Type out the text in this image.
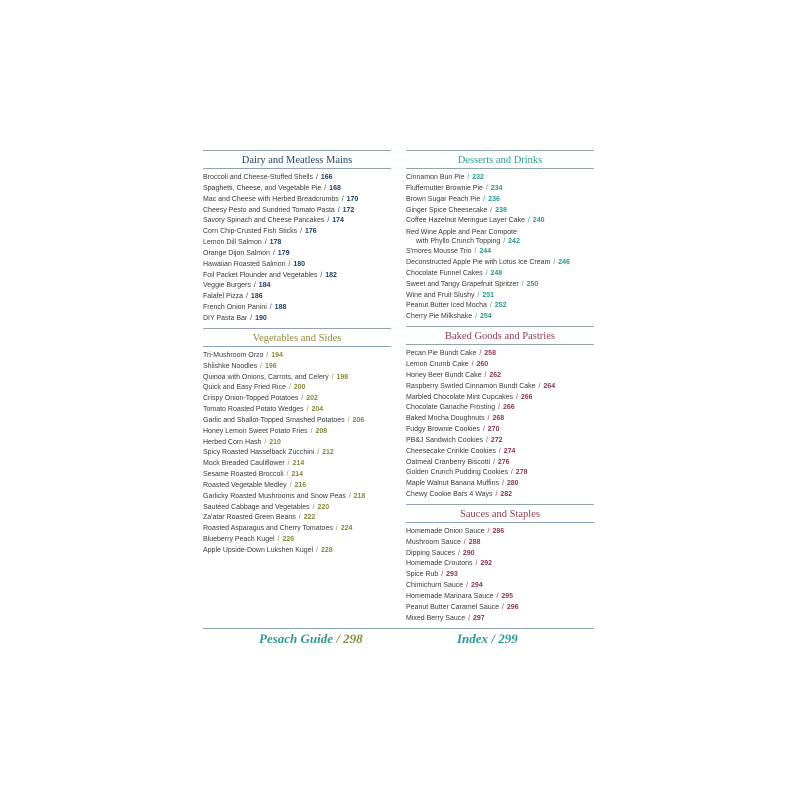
Dairy and Meatless Mains
Broccoli and Cheese-Stuffed Shells / 166
Spaghetti, Cheese, and Vegetable Pie / 168
Mac and Cheese with Herbed Breadcrumbs / 170
Cheesy Pesto and Sundried Tomato Pasta / 172
Savory Spinach and Cheese Pancakes / 174
Corn Chip-Crusted Fish Sticks / 176
Lemon Dill Salmon / 178
Orange Dijon Salmon / 179
Hawaiian Roasted Salmon / 180
Foil Packet Flounder and Vegetables / 182
Veggie Burgers / 184
Falafel Pizza / 186
French Onion Panini / 188
DIY Pasta Bar / 190
Vegetables and Sides
Tri-Mushroom Orzo / 194
Shlishke Noodles / 196
Quinoa with Onions, Carrots, and Celery / 198
Quick and Easy Fried Rice / 200
Crispy Onion-Topped Potatoes / 202
Tomato Roasted Potato Wedges / 204
Garlic and Shallot-Topped Smashed Potatoes / 206
Honey Lemon Sweet Potato Fries / 208
Herbed Corn Hash / 210
Spicy Roasted Hasselback Zucchini / 212
Mock Breaded Cauliflower / 214
Sesame Roasted Broccoli / 214
Roasted Vegetable Medley / 216
Garlicky Roasted Mushrooms and Snow Peas / 218
Sautéed Cabbage and Vegetables / 220
Za'atar Roasted Green Beans / 222
Roasted Asparagus and Cherry Tomatoes / 224
Blueberry Peach Kugel / 226
Apple Upside-Down Lukshen Kugel / 228
Desserts and Drinks
Cinnamon Bun Pie / 232
Fluffernutter Brownie Pie / 234
Brown Sugar Peach Pie / 236
Ginger Spice Cheesecake / 238
Coffee Hazelnut Meringue Layer Cake / 240
Red Wine Apple and Pear Compote
with Phyllo Crunch Topping / 242
S'mores Mousse Trio / 244
Deconstructed Apple Pie with Lotus Ice Cream / 246
Chocolate Funnel Cakes / 248
Sweet and Tangy Grapefruit Spritzer / 250
Wine and Fruit Slushy / 251
Peanut Butter Iced Mocha / 252
Cherry Pie Milkshake / 254
Baked Goods and Pastries
Pecan Pie Bundt Cake / 258
Lemon Crumb Cake / 260
Honey Beer Bundt Cake / 262
Raspberry Swirled Cinnamon Bundt Cake / 264
Marbled Chocolate Mint Cupcakes / 266
Chocolate Ganache Frosting / 266
Baked Mocha Doughnuts / 268
Fudgy Brownie Cookies / 270
PB&J Sandwich Cookies / 272
Cheesecake Crinkle Cookies / 274
Oatmeal Cranberry Biscotti / 276
Golden Crunch Pudding Cookies / 278
Maple Walnut Banana Muffins / 280
Chewy Cookie Bars 4 Ways / 282
Sauces and Staples
Homemade Onion Sauce / 286
Mushroom Sauce / 288
Dipping Sauces / 290
Homemade Croutons / 292
Spice Rub / 293
Chimichurri Sauce / 294
Homemade Marinara Sauce / 295
Peanut Butter Caramel Sauce / 296
Mixed Berry Sauce / 297
Pesach Guide / 298	Index / 299
